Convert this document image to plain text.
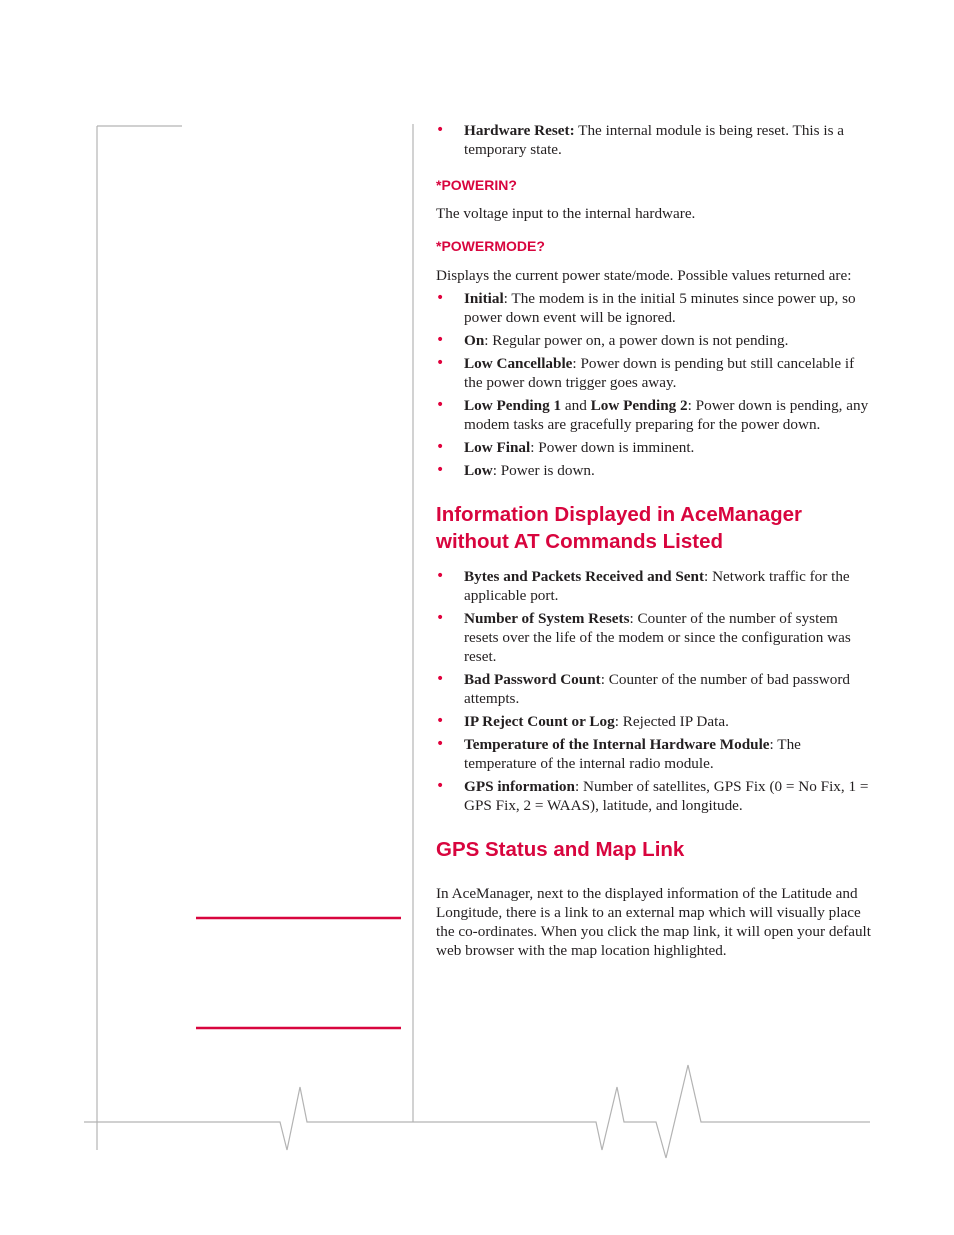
• Hardware Reset: The internal module is being reset. This is a temporary state.
*POWERIN?

The voltage input to the internal hardware.

*POWERMODE?

Displays the current power state/mode. Possible values returned are:

• Initial: The modem is in the initial 5 minutes since power up, so power down event will be ignored.
• On: Regular power on, a power down is not pending.
• Low Cancellable: Power down is pending but still cancelable if the power down trigger goes away.
• Low Pending 1 and Low Pending 2: Power down is pending, any modem tasks are gracefully preparing for the power down.
• Low Final: Power down is imminent.
• Low: Power is down.
Information Displayed in AceManager without AT Commands Listed
• Bytes and Packets Received and Sent: Network traffic for the applicable port.
• Number of System Resets: Counter of the number of system resets over the life of the modem or since the configuration was reset.
• Bad Password Count: Counter of the number of bad password attempts.
• IP Reject Count or Log: Rejected IP Data.
• Temperature of the Internal Hardware Module: The temperature of the internal radio module.
• GPS information: Number of satellites, GPS Fix (0 = No Fix, 1 = GPS Fix, 2 = WAAS), latitude, and longitude.
GPS Status and Map Link

In AceManager, next to the displayed information of the Latitude and Longitude, there is a link to an external map which will visually place the co-ordinates. When you click the map link, it will open your default web browser with the map location highlighted.
